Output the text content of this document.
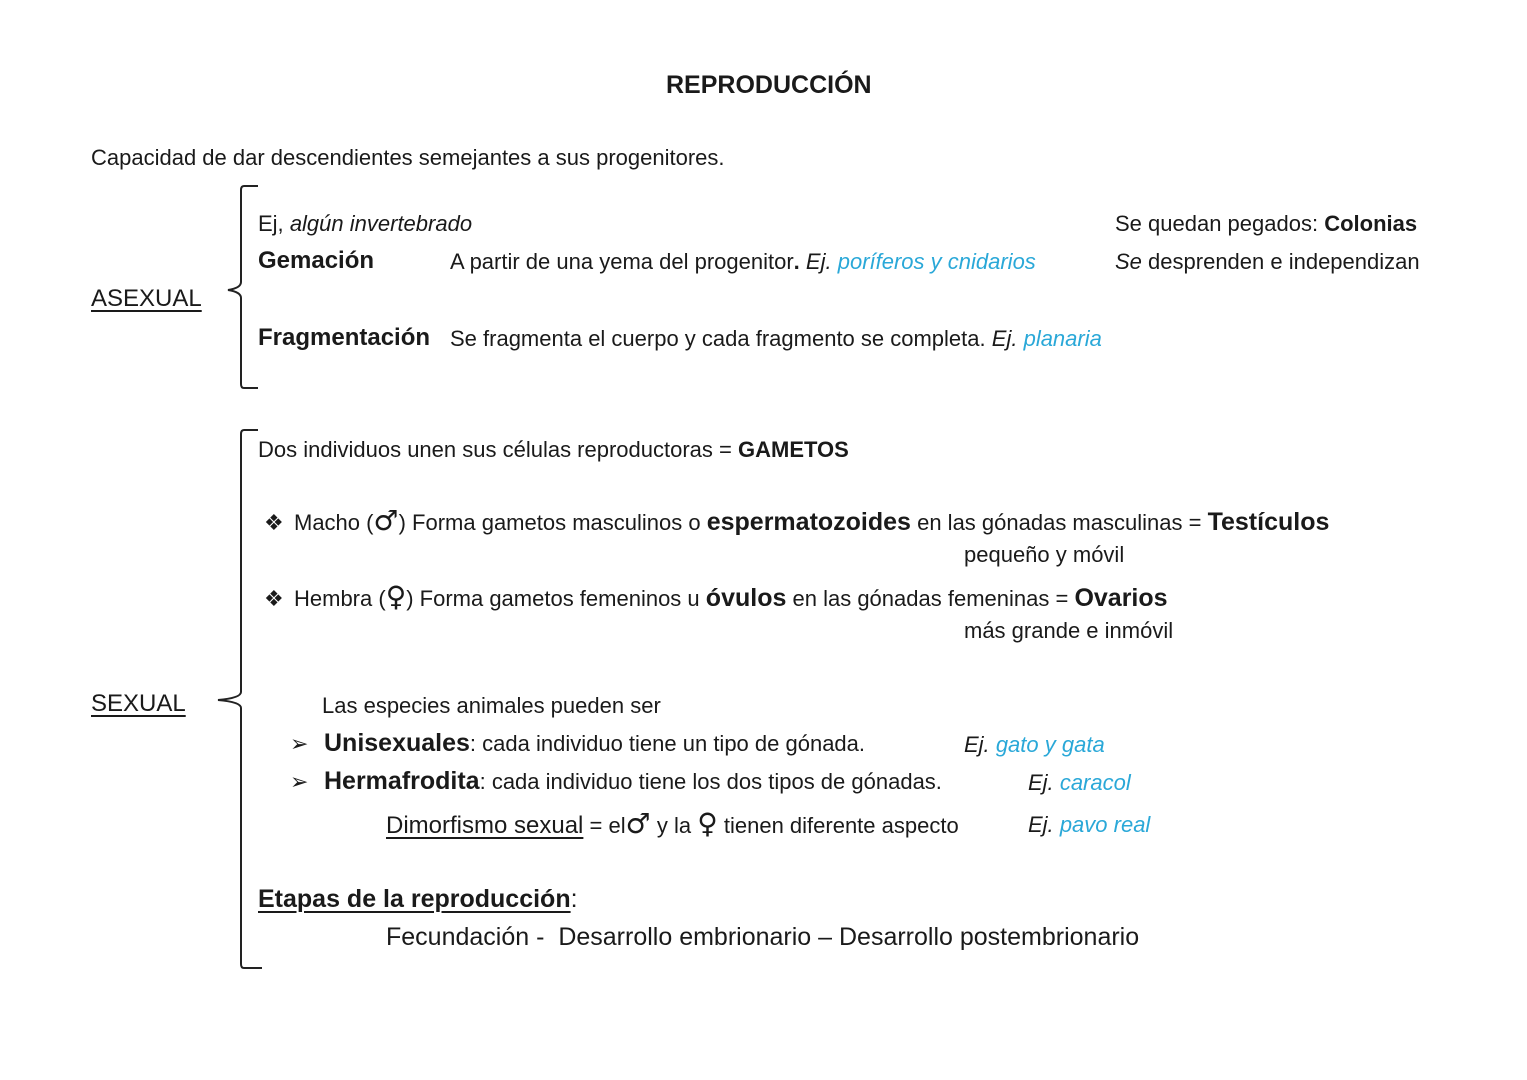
REPRODUCCIÓN
Capacidad de dar descendientes semejantes a sus progenitores.
ASEXUAL
Ej, algún invertebrado	Se quedan pegados: Colonias
Gemación	A partir de una yema del progenitor. Ej. poríferos y cnidarios	Se desprenden e independizan
Fragmentación Se fragmenta el cuerpo y cada fragmento se completa. Ej. planaria
SEXUAL
Dos individuos unen sus células reproductoras = GAMETOS
❖ Macho (♂) Forma gametos masculinos o espermatozoides en las gónadas masculinas = Testículos
pequeño y móvil
❖ Hembra (♀) Forma gametos femeninos u óvulos en las gónadas femeninas = Ovarios
más grande e inmóvil
Las especies animales pueden ser
➢ Unisexuales: cada individuo tiene un tipo de gónada.	Ej. gato y gata
➢ Hermafrodita: cada individuo tiene los dos tipos de gónadas.	Ej. caracol
Dimorfismo sexual = el♂ y la ♀ tienen diferente aspecto	Ej. pavo real
Etapas de la reproducción:
Fecundación -  Desarrollo embrionario – Desarrollo postembrionario
